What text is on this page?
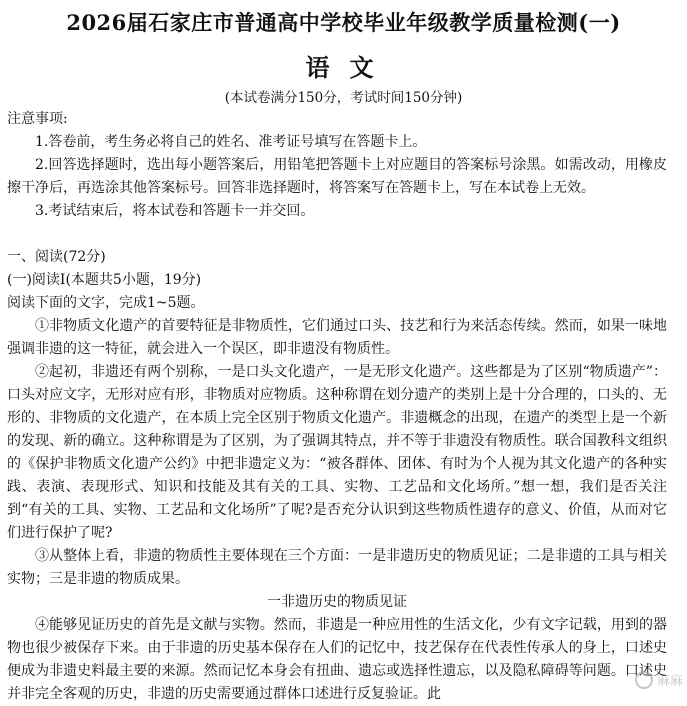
2026届石家庄市普通高中学校毕业年级教学质量检测(一)
语文
(本试卷满分150分，考试时间150分钟)

注意事项:

1.答卷前，考生务必将自己的姓名、准考证号填写在答题卡上。

2.回答选择题时，选出每小题答案后，用铅笔把答题卡上对应题目的答案标号涂黑。如需改动，用橡皮擦干净后，再选涂其他答案标号。回答非选择题时，将答案写在答题卡上，写在本试卷上无效。

3.考试结束后，将本试卷和答题卡一并交回。

一、阅读(72分)

(一)阅读Ⅰ(本题共5小题，19分)

阅读下面的文字，完成1~5题。

①非物质文化遗产的首要特征是非物质性，它们通过口头、技艺和行为来活态传续。然而，如果一味地强调非遗的这一特征，就会进入一个误区，即非遗没有物质性。

②起初，非遗还有两个别称，一是口头文化遗产，一是无形文化遗产。这些都是为了区别“物质遗产”：口头对应文字，无形对应有形，非物质对应物质。这种称谓在划分遗产的类别上是十分合理的，口头的、无形的、非物质的文化遗产，在本质上完全区别于物质文化遗产。非遗概念的出现，在遗产的类型上是一个新的发现、新的确立。这种称谓是为了区别，为了强调其特点，并不等于非遗没有物质性。联合国教科文组织的《保护非物质文化遗产公约》中把非遗定义为：“被各群体、团体、有时为个人视为其文化遗产的各种实践、表演、表现形式、知识和技能及其有关的工具、实物、工艺品和文化场所。”想一想，我们是否关注到“有关的工具、实物、工艺品和文化场所”了呢?是否充分认识到这些物质性遗存的意义、价值，从而对它们进行保护了呢?

③从整体上看，非遗的物质性主要体现在三个方面：一是非遗历史的物质见证；二是非遗的工具与相关实物；三是非遗的物质成果。

一非遗历史的物质见证

④能够见证历史的首先是文献与实物。然而，非遗是一种应用性的生活文化，少有文字记载，用到的器物也很少被保存下来。由于非遗的历史基本保存在人们的记忆中，技艺保存在代表性传承人的身上，口述史便成为非遗史料最主要的来源。然而记忆本身会有扭曲、遗忘或选择性遗忘，以及隐私障碍等问题。口述史并非完全客观的历史，非遗的历史需要通过群体口述进行反复验证。此

麻麻
